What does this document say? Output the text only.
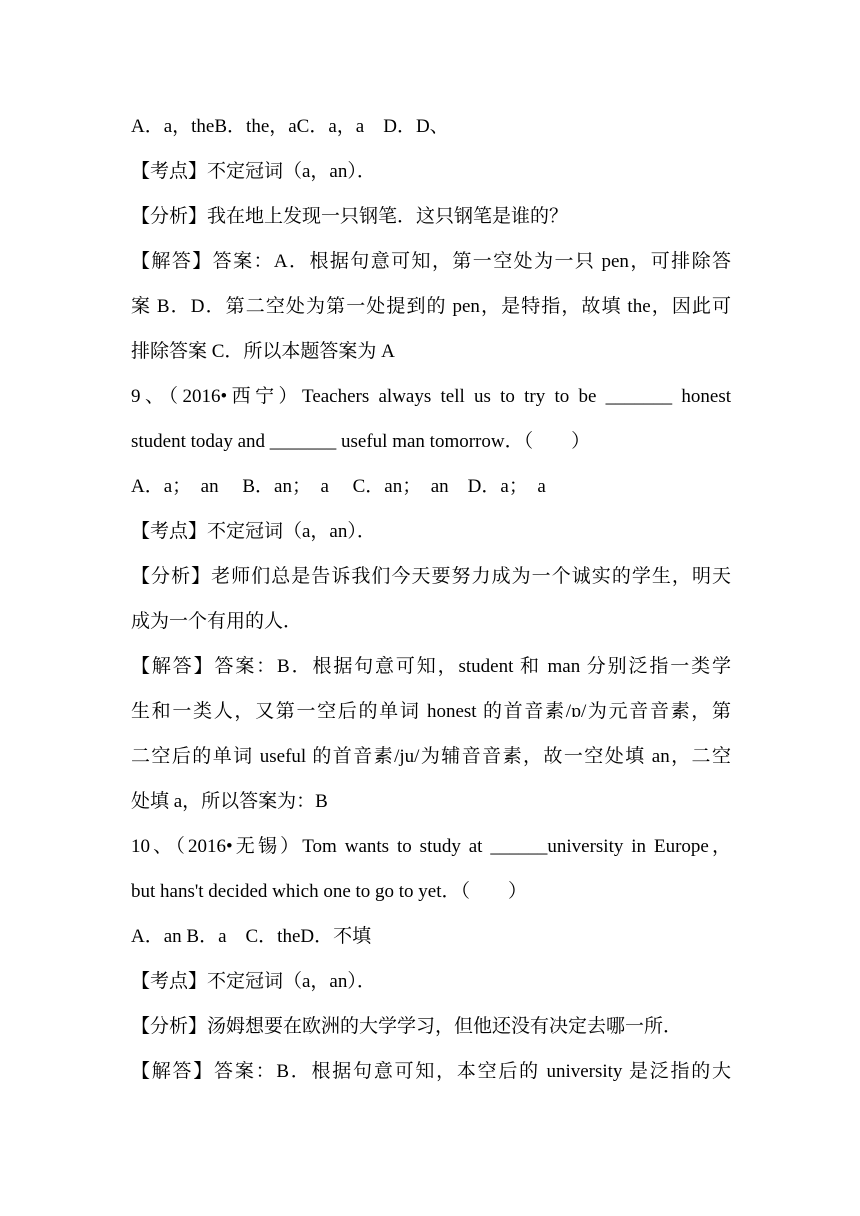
A．a，theB．the，aC．a，a　D．D、
【考点】不定冠词（a，an）．
【分析】我在地上发现一只钢笔．这只钢笔是谁的？
【解答】答案：A．根据句意可知，第一空处为一只 pen，可排除答
案 B．D．第二空处为第一处提到的 pen，是特指，故填 the，因此可
排除答案 C．所以本题答案为 A
9、（2016•西宁）Teachers always tell us to try to be _______ honest
student today and _______ useful man tomorrow．（　　）
A．a；　an　 B．an；　a　 C．an；　an　D．a；　a
【考点】不定冠词（a，an）．
【分析】老师们总是告诉我们今天要努力成为一个诚实的学生，明天
成为一个有用的人．
【解答】答案：B．根据句意可知，student 和 man 分别泛指一类学
生和一类人，又第一空后的单词 honest 的首音素/ɒ/为元音音素，第
二空后的单词 useful 的首音素/ju/为辅音音素，故一空处填 an，二空
处填 a，所以答案为：B
10、（2016•无锡）Tom wants to study at ______university in Europe，
but hans't decided which one to go to yet．（　　）
A．an B．a　C．theD．不填
【考点】不定冠词（a，an）．
【分析】汤姆想要在欧洲的大学学习，但他还没有决定去哪一所．
【解答】答案：B．根据句意可知，本空后的 university 是泛指的大
